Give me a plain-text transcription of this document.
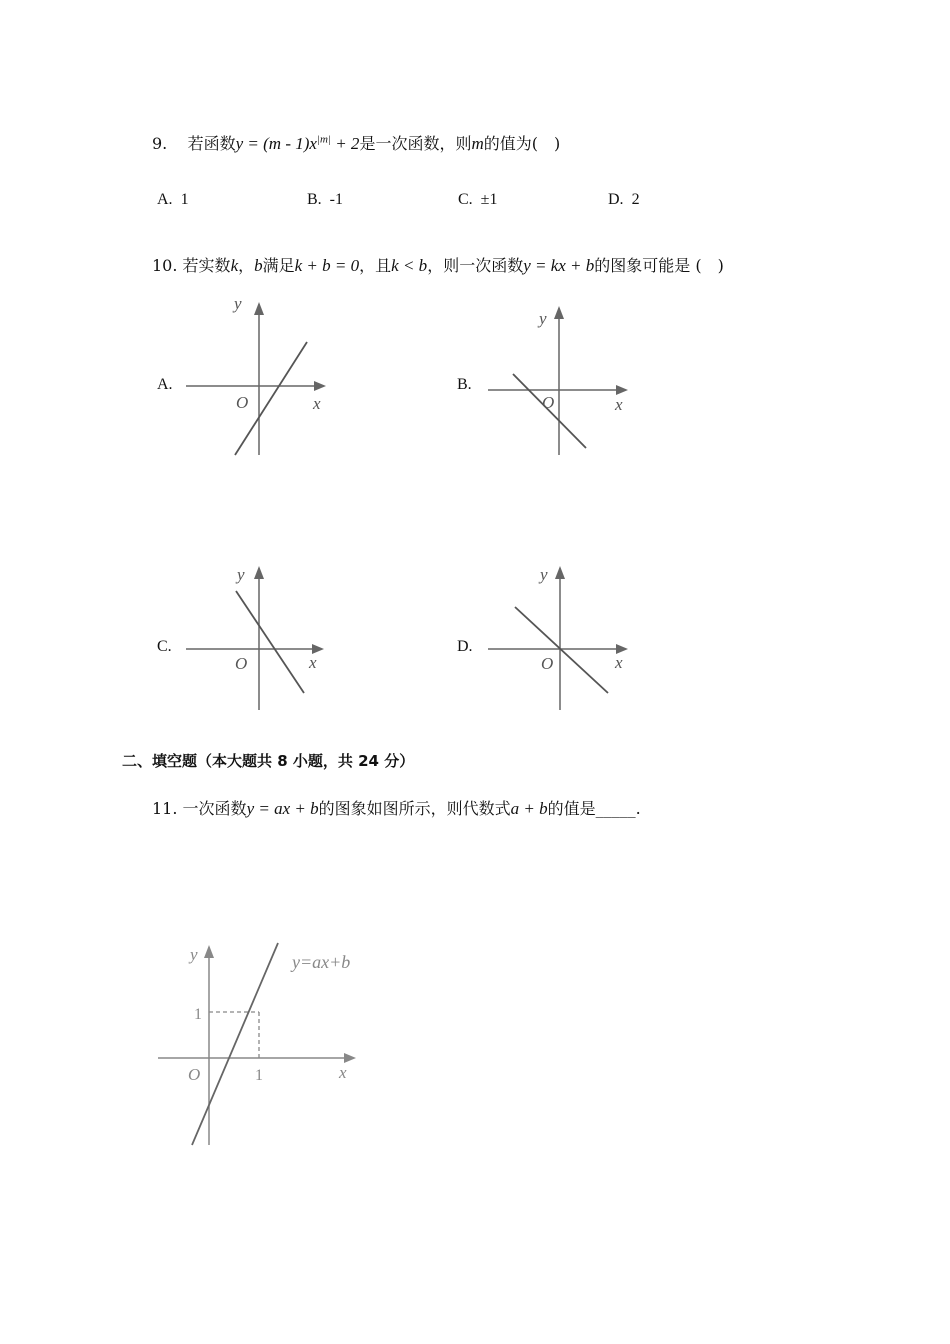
9. 若函数$y = (m - 1)x^{|m|} + 2$是一次函数，则m的值为(　)
A. 1	B. -1	C. ±1	D. 2
10. 若实数k，b满足k + b = 0，且k < b，则一次函数y = kx + b的图象可能是 (　)
A.
y
x
O
B.
y
x
O
C.
y
x
O
D.
y
x
O
二、填空题（本大题共 8 小题，共 24 分）
11. 一次函数y = ax + b的图象如图所示，则代数式a + b的值是_____.
y
x
O	1
1
y=ax+b
